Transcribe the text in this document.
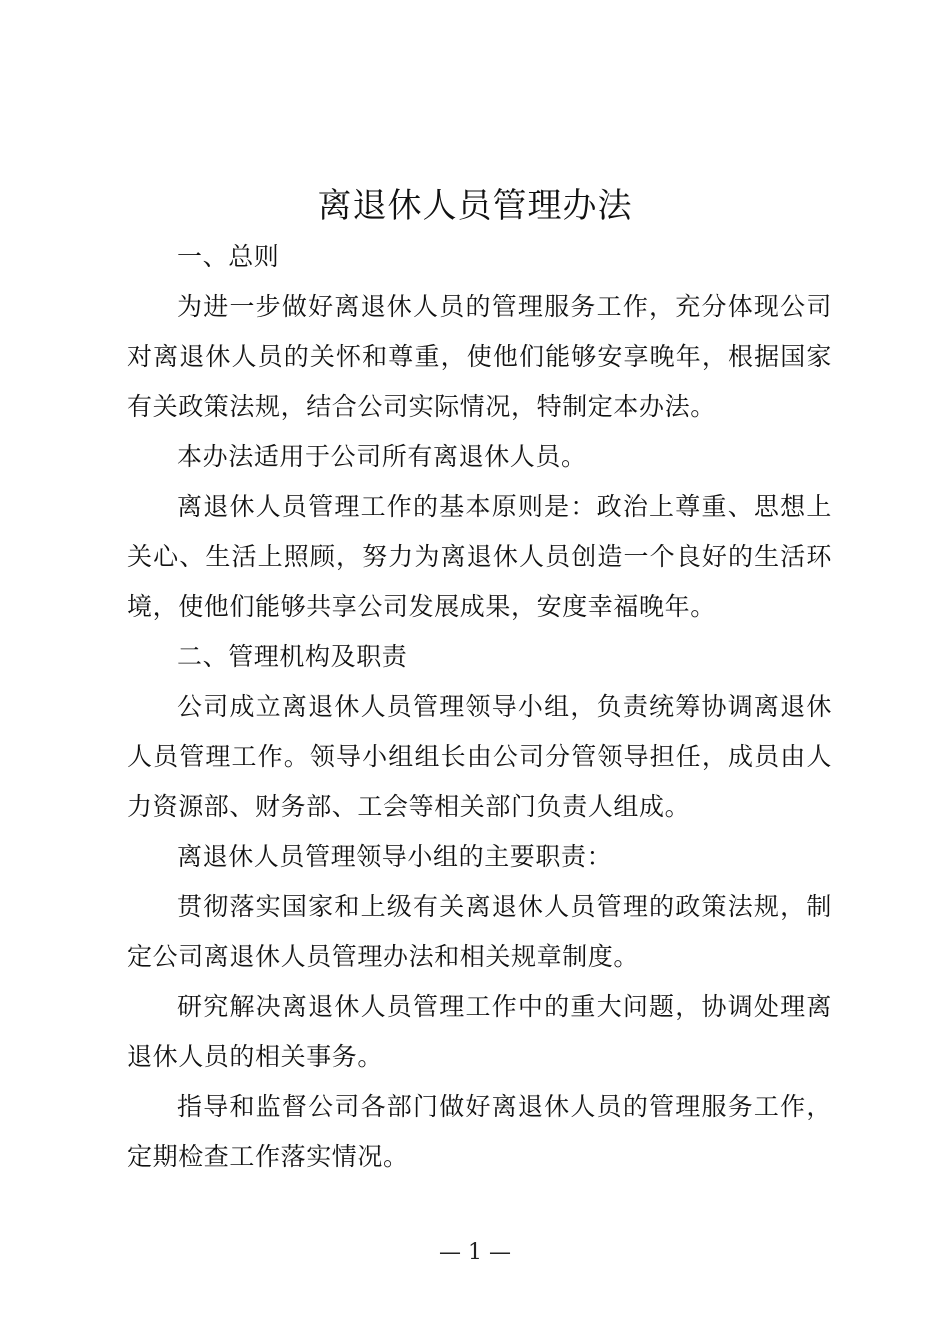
离退休人员管理办法

一、总则

为进一步做好离退休人员的管理服务工作，充分体现公司对离退休人员的关怀和尊重，使他们能够安享晚年，根据国家有关政策法规，结合公司实际情况，特制定本办法。

本办法适用于公司所有离退休人员。

离退休人员管理工作的基本原则是：政治上尊重、思想上关心、生活上照顾，努力为离退休人员创造一个良好的生活环境，使他们能够共享公司发展成果，安度幸福晚年。

二、管理机构及职责

公司成立离退休人员管理领导小组，负责统筹协调离退休人员管理工作。领导小组组长由公司分管领导担任，成员由人力资源部、财务部、工会等相关部门负责人组成。

离退休人员管理领导小组的主要职责：

贯彻落实国家和上级有关离退休人员管理的政策法规，制定公司离退休人员管理办法和相关规章制度。

研究解决离退休人员管理工作中的重大问题，协调处理离退休人员的相关事务。

指导和监督公司各部门做好离退休人员的管理服务工作，定期检查工作落实情况。

— 1 —
